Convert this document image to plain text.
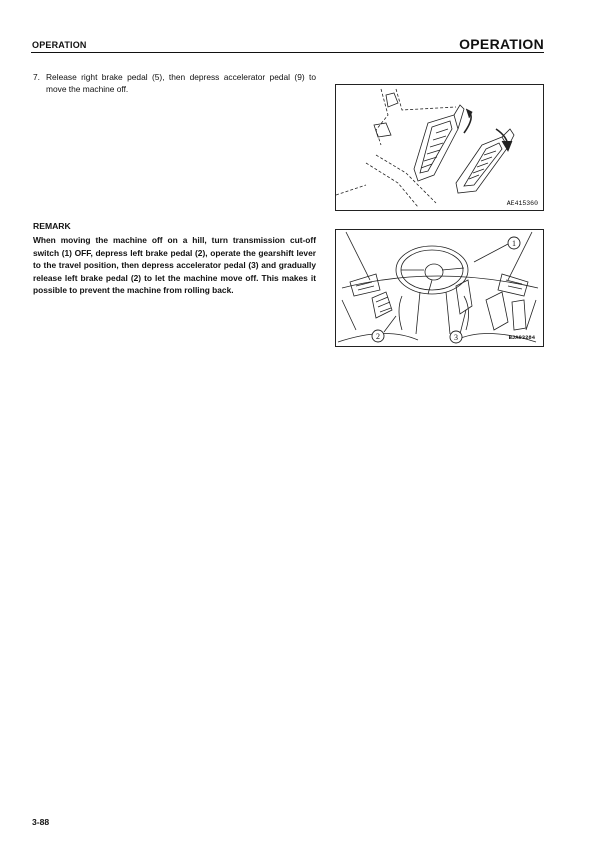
OPERATION	OPERATION
7. Release right brake pedal (5), then depress accelerator pedal (9) to move the machine off.
AE415360
REMARK
When moving the machine off on a hill, turn transmission cut-off switch (1) OFF, depress left brake pedal (2), operate the gearshift lever to the travel position, then depress accelerator pedal (3) and gradually release left brake pedal (2) to let the machine move off. This makes it possible to prevent the machine from rolling back.
1
2	3	BJA03284
3-88
